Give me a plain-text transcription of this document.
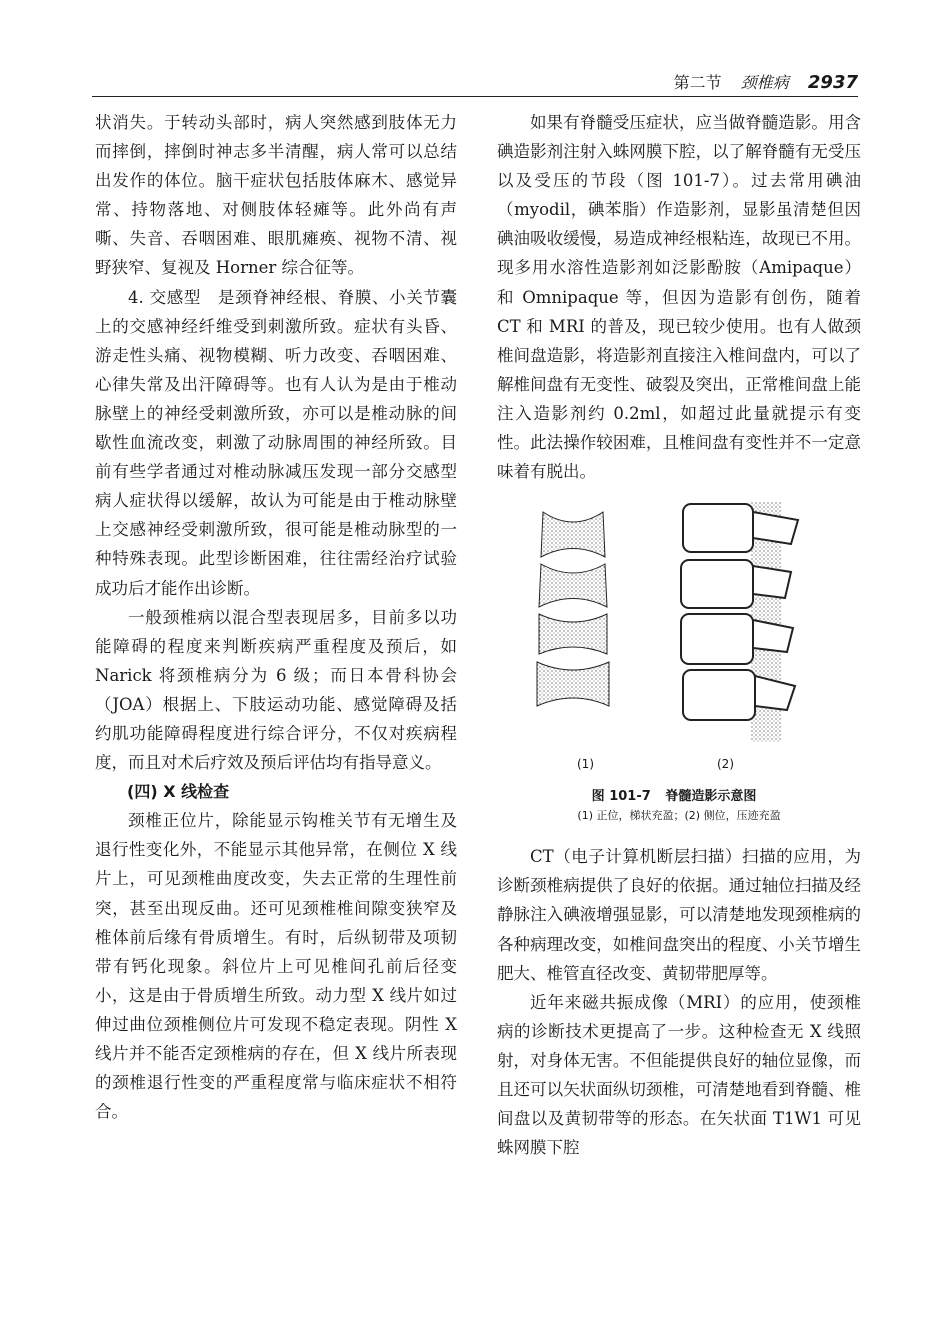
第二节 颈椎病 2937

状消失。于转动头部时，病人突然感到肢体无力而摔倒，摔倒时神志多半清醒，病人常可以总结出发作的体位。脑干症状包括肢体麻木、感觉异常、持物落地、对侧肢体轻瘫等。此外尚有声嘶、失音、吞咽困难、眼肌瘫痪、视物不清、视野狭窄、复视及 Horner 综合征等。

4. 交感型　是颈脊神经根、脊膜、小关节囊上的交感神经纤维受到刺激所致。症状有头昏、游走性头痛、视物模糊、听力改变、吞咽困难、心律失常及出汗障碍等。也有人认为是由于椎动脉壁上的神经受刺激所致，亦可以是椎动脉的间歇性血流改变，刺激了动脉周围的神经所致。目前有些学者通过对椎动脉减压发现一部分交感型病人症状得以缓解，故认为可能是由于椎动脉壁上交感神经受刺激所致，很可能是椎动脉型的一种特殊表现。此型诊断困难，往往需经治疗试验成功后才能作出诊断。

一般颈椎病以混合型表现居多，目前多以功能障碍的程度来判断疾病严重程度及预后，如 Narick 将颈椎病分为 6 级；而日本骨科协会（JOA）根据上、下肢运动功能、感觉障碍及括约肌功能障碍程度进行综合评分，不仅对疾病程度，而且对术后疗效及预后评估均有指导意义。

(四) X 线检查

颈椎正位片，除能显示钩椎关节有无增生及退行性变化外，不能显示其他异常，在侧位 X 线片上，可见颈椎曲度改变，失去正常的生理性前突，甚至出现反曲。还可见颈椎椎间隙变狭窄及椎体前后缘有骨质增生。有时，后纵韧带及项韧带有钙化现象。斜位片上可见椎间孔前后径变小，这是由于骨质增生所致。动力型 X 线片如过伸过曲位颈椎侧位片可发现不稳定表现。阴性 X 线片并不能否定颈椎病的存在，但 X 线片所表现的颈椎退行性变的严重程度常与临床症状不相符合。

如果有脊髓受压症状，应当做脊髓造影。用含碘造影剂注射入蛛网膜下腔，以了解脊髓有无受压以及受压的节段（图 101-7）。过去常用碘油（myodil，碘苯脂）作造影剂，显影虽清楚但因碘油吸收缓慢，易造成神经根粘连，故现已不用。现多用水溶性造影剂如泛影酚胺（Amipaque）和 Omnipaque 等，但因为造影有创伤，随着 CT 和 MRI 的普及，现已较少使用。也有人做颈椎间盘造影，将造影剂直接注入椎间盘内，可以了解椎间盘有无变性、破裂及突出，正常椎间盘上能注入造影剂约 0.2ml，如超过此量就提示有变性。此法操作较困难，且椎间盘有变性并不一定意味着有脱出。

(1)	(2)
图 101-7 脊髓造影示意图
(1) 正位，梯状充盈；(2) 侧位，压迹充盈

CT（电子计算机断层扫描）扫描的应用，为诊断颈椎病提供了良好的依据。通过轴位扫描及经静脉注入碘液增强显影，可以清楚地发现颈椎病的各种病理改变，如椎间盘突出的程度、小关节增生肥大、椎管直径改变、黄韧带肥厚等。

近年来磁共振成像（MRI）的应用，使颈椎病的诊断技术更提高了一步。这种检查无 X 线照射，对身体无害。不但能提供良好的轴位显像，而且还可以矢状面纵切颈椎，可清楚地看到脊髓、椎间盘以及黄韧带等的形态。在矢状面 T1W1 可见蛛网膜下腔
